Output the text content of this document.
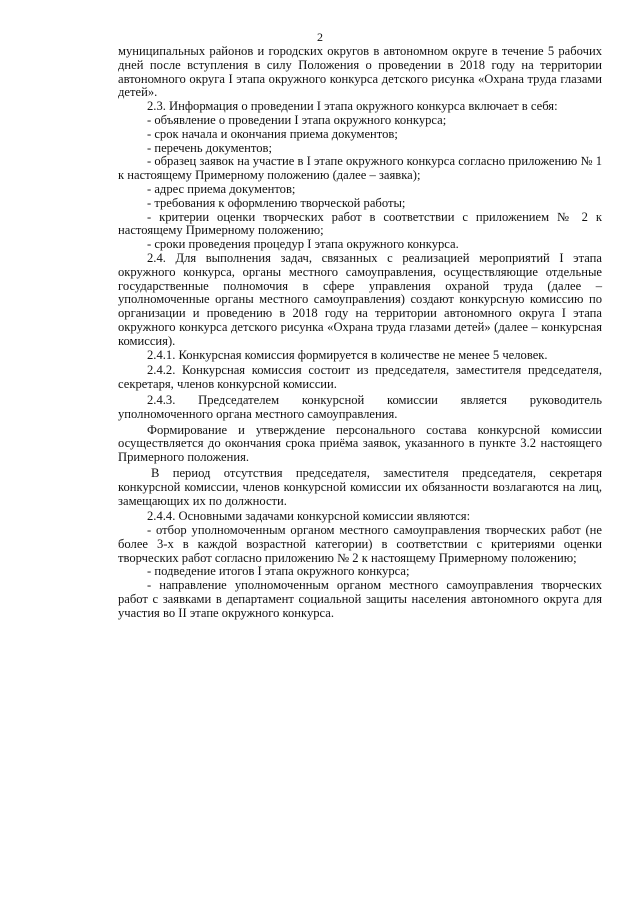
2

муниципальных районов и городских округов в автономном округе в течение 5 рабочих дней после вступления в силу Положения о проведении в 2018 году на территории автономного округа I этапа окружного конкурса детского рисунка «Охрана труда глазами детей».

2.3. Информация о проведении I этапа окружного конкурса включает в себя:

- объявление о проведении I этапа окружного конкурса;

- срок начала и окончания приема документов;

- перечень документов;

- образец заявок на участие в I этапе окружного конкурса согласно приложению № 1 к настоящему Примерному положению (далее – заявка);

- адрес приема документов;

- требования к оформлению творческой работы;

- критерии оценки творческих работ в соответствии с приложением № 2 к настоящему Примерному положению;

- сроки проведения процедур I этапа окружного конкурса.

2.4. Для выполнения задач, связанных с реализацией мероприятий I этапа окружного конкурса, органы местного самоуправления, осуществляющие отдельные государственные полномочия в сфере управления охраной труда (далее – уполномоченные органы местного самоуправления) создают конкурсную комиссию по организации и проведению в 2018 году на территории автономного округа I этапа окружного конкурса детского рисунка «Охрана труда глазами детей» (далее – конкурсная комиссия).

2.4.1. Конкурсная комиссия формируется в количестве не менее 5 человек.

2.4.2. Конкурсная комиссия состоит из председателя, заместителя председателя, секретаря, членов конкурсной комиссии.

2.4.3. Председателем конкурсной комиссии является руководитель уполномоченного органа местного самоуправления.

Формирование и утверждение персонального состава конкурсной комиссии осуществляется до окончания срока приёма заявок, указанного в пункте 3.2 настоящего Примерного положения.

В период отсутствия председателя, заместителя председателя, секретаря конкурсной комиссии, членов конкурсной комиссии их обязанности возлагаются на лиц, замещающих их по должности.

2.4.4. Основными задачами конкурсной комиссии являются:

- отбор уполномоченным органом местного самоуправления творческих работ (не более 3-х в каждой возрастной категории) в соответствии с критериями оценки творческих работ согласно приложению № 2 к настоящему Примерному положению;

- подведение итогов I этапа окружного конкурса;

- направление уполномоченным органом местного самоуправления творческих работ с заявками в департамент социальной защиты населения автономного округа для участия во II этапе окружного конкурса.
